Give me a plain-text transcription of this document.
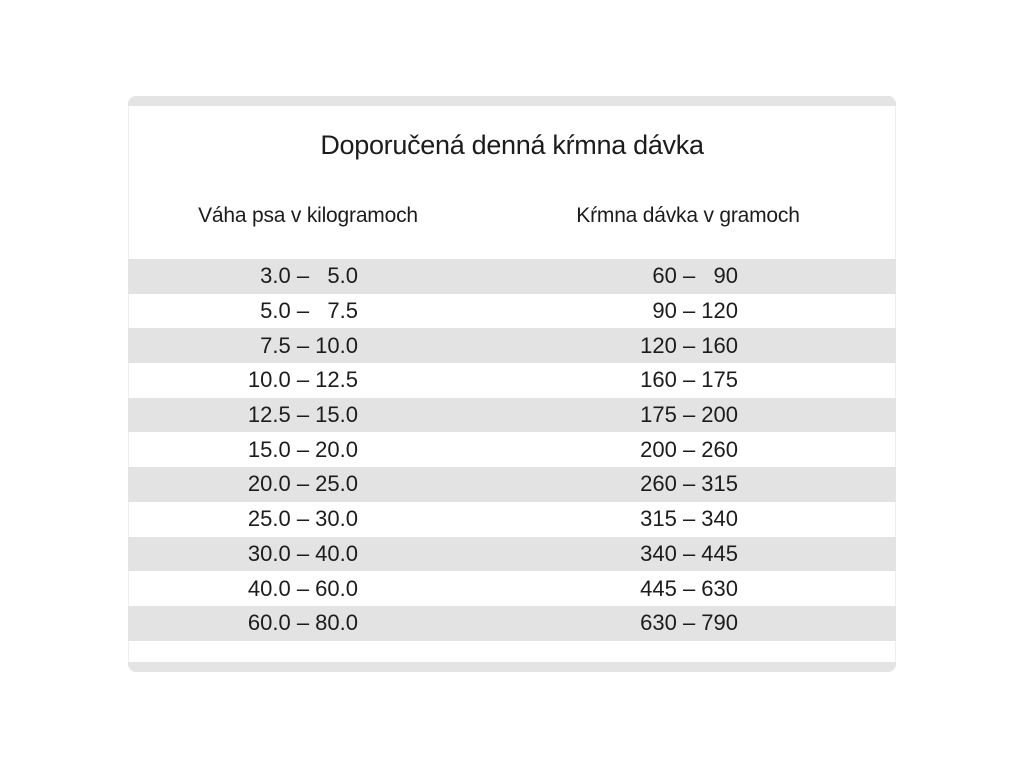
Doporučená denná kŕmna dávka
Váha psa v kilogramoch	Kŕmna dávka v gramoch
3.0 –   5.0	60 –   90
5.0 –   7.5	90 – 120
7.5 – 10.0	120 – 160
10.0 – 12.5	160 – 175
12.5 – 15.0	175 – 200
15.0 – 20.0	200 – 260
20.0 – 25.0	260 – 315
25.0 – 30.0	315 – 340
30.0 – 40.0	340 – 445
40.0 – 60.0	445 – 630
60.0 – 80.0	630 – 790
